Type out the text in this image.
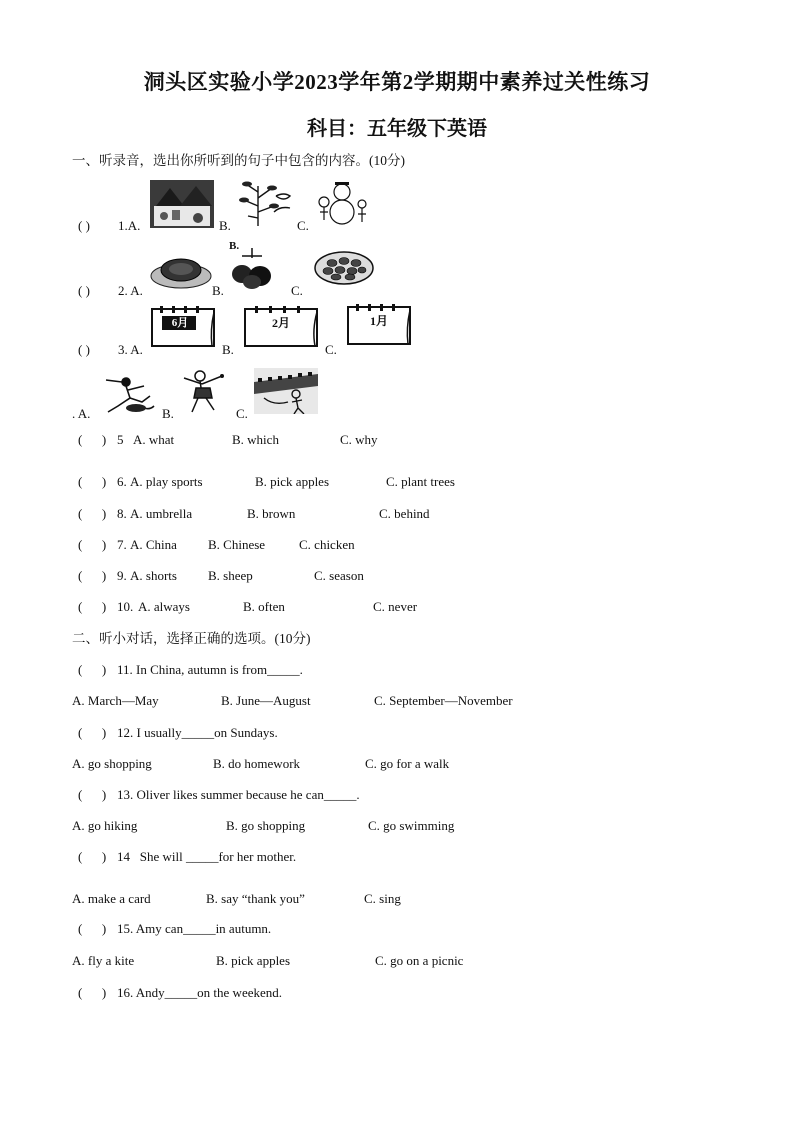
洞头区实验小学2023学年第2学期期中素养过关性练习
科目：五年级下英语
一、听录音，选出你所听到的句子中包含的内容。(10分)
( ) 1.A.	B.	C.
( ) 2. A.
B.
B.	C.
( ) 3. A.
6月
B.
2月
C.
1月
. A.	B.	C.
(      ) 5 A. what	B. which	C. why
(      ) 6. A. play sports	B. pick apples	C. plant trees
(      ) 8. A. umbrella	B. brown	C. behind
(      ) 7. A. China B. Chinese	C. chicken
(      ) 9. A. shorts B. sheep	C. season
(      ) 10. A. always	B. often	C. never
二、听小对话，选择正确的选项。(10分)
(      ) 11. In China, autumn is from_____.
A. March—May	B. June—August	C. September—November
(      ) 12. I usually_____on Sundays.
A. go shopping	B. do homework	C. go for a walk
(      ) 13. Oliver likes summer because he can_____.
A. go hiking	B. go shopping	C. go swimming
(      ) 14   She will _____for her mother.
A. make a card	B. say “thank you”	C. sing
(      ) 15. Amy can_____in autumn.
A. fly a kite	B. pick apples	C. go on a picnic
(      ) 16. Andy_____on the weekend.
